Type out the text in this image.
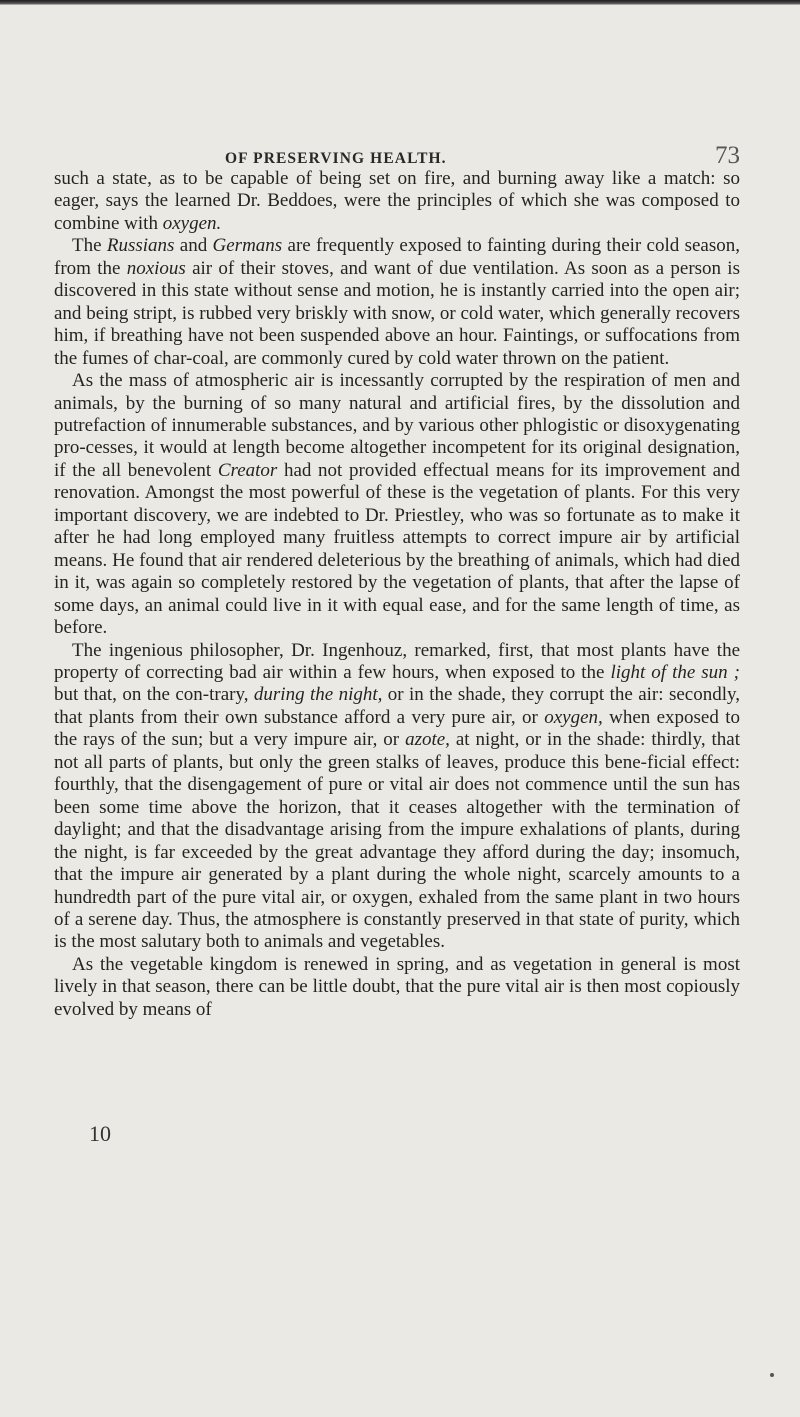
OF PRESERVING HEALTH.	73

such a state, as to be capable of being set on fire, and burning away like a match: so eager, says the learned Dr. Beddoes, were the principles of which she was composed to combine with oxygen.

The Russians and Germans are frequently exposed to fainting during their cold season, from the noxious air of their stoves, and want of due ventilation. As soon as a person is discovered in this state without sense and motion, he is instantly carried into the open air; and being stript, is rubbed very briskly with snow, or cold water, which generally recovers him, if breathing have not been suspended above an hour. Faintings, or suffocations from the fumes of char-coal, are commonly cured by cold water thrown on the patient.

As the mass of atmospheric air is incessantly corrupted by the respiration of men and animals, by the burning of so many natural and artificial fires, by the dissolution and putrefaction of innumerable substances, and by various other phlogistic or disoxygenating pro-cesses, it would at length become altogether incompetent for its original designation, if the all benevolent Creator had not provided effectual means for its improvement and renovation. Amongst the most powerful of these is the vegetation of plants. For this very important discovery, we are indebted to Dr. Priestley, who was so fortunate as to make it after he had long employed many fruitless attempts to correct impure air by artificial means. He found that air rendered deleterious by the breathing of animals, which had died in it, was again so completely restored by the vegetation of plants, that after the lapse of some days, an animal could live in it with equal ease, and for the same length of time, as before.

The ingenious philosopher, Dr. Ingenhouz, remarked, first, that most plants have the property of correcting bad air within a few hours, when exposed to the light of the sun ; but that, on the con-trary, during the night, or in the shade, they corrupt the air: secondly, that plants from their own substance afford a very pure air, or oxygen, when exposed to the rays of the sun; but a very impure air, or azote, at night, or in the shade: thirdly, that not all parts of plants, but only the green stalks of leaves, produce this bene-ficial effect: fourthly, that the disengagement of pure or vital air does not commence until the sun has been some time above the horizon, that it ceases altogether with the termination of daylight; and that the disadvantage arising from the impure exhalations of plants, during the night, is far exceeded by the great advantage they afford during the day; insomuch, that the impure air generated by a plant during the whole night, scarcely amounts to a hundredth part of the pure vital air, or oxygen, exhaled from the same plant in two hours of a serene day. Thus, the atmosphere is constantly preserved in that state of purity, which is the most salutary both to animals and vegetables.

As the vegetable kingdom is renewed in spring, and as vegetation in general is most lively in that season, there can be little doubt, that the pure vital air is then most copiously evolved by means of

10
